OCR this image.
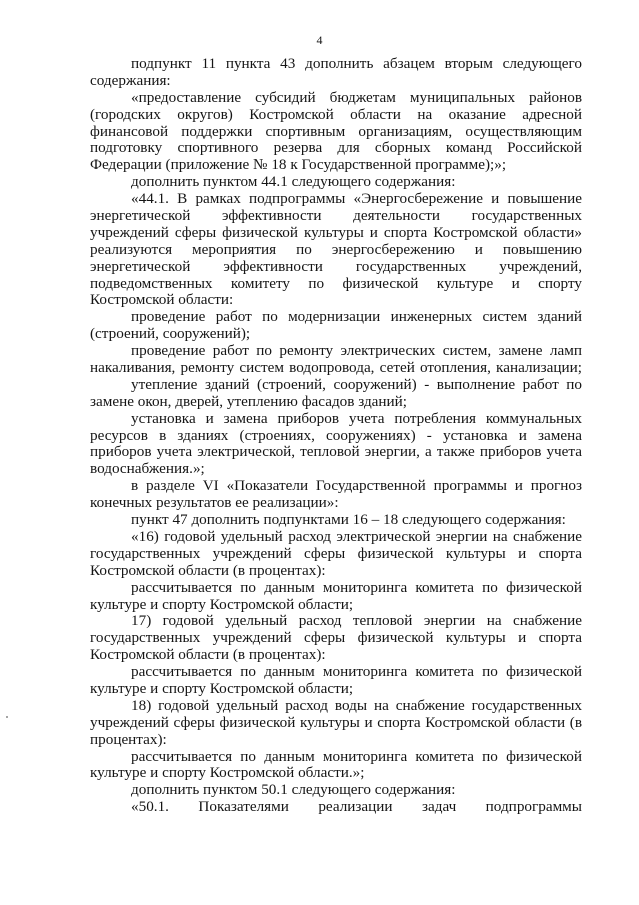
4
подпункт 11 пункта 43 дополнить абзацем вторым следующего
содержания:
«предоставление субсидий бюджетам муниципальных районов
(городских округов) Костромской области на оказание адресной
финансовой поддержки спортивным организациям, осуществляющим
подготовку спортивного резерва для сборных команд Российской
Федерации (приложение № 18 к Государственной программе);»;
дополнить пунктом 44.1 следующего содержания:
«44.1. В рамках подпрограммы «Энергосбережение и повышение
энергетической эффективности деятельности государственных
учреждений сферы физической культуры и спорта Костромской области»
реализуются мероприятия по энергосбережению и повышению
энергетической эффективности государственных учреждений,
подведомственных комитету по физической культуре и спорту
Костромской области:
проведение работ по модернизации инженерных систем зданий
(строений, сооружений);
проведение работ по ремонту электрических систем, замене ламп
накаливания, ремонту систем водопровода, сетей отопления, канализации;
утепление зданий (строений, сооружений) - выполнение работ по
замене окон, дверей, утеплению фасадов зданий;
установка и замена приборов учета потребления коммунальных
ресурсов в зданиях (строениях, сооружениях) - установка и замена
приборов учета электрической, тепловой энергии, а также приборов учета
водоснабжения.»;
в разделе VI «Показатели Государственной программы и прогноз
конечных результатов ее реализации»:
пункт 47 дополнить подпунктами 16 – 18 следующего содержания:
«16) годовой удельный расход электрической энергии на снабжение
государственных учреждений сферы физической культуры и спорта
Костромской области (в процентах):
рассчитывается по данным мониторинга комитета по физической
культуре и спорту Костромской области;
17) годовой удельный расход тепловой энергии на снабжение
государственных учреждений сферы физической культуры и спорта
Костромской области (в процентах):
рассчитывается по данным мониторинга комитета по физической
культуре и спорту Костромской области;
18) годовой удельный расход воды на снабжение государственных
учреждений сферы физической культуры и спорта Костромской области (в
процентах):
рассчитывается по данным мониторинга комитета по физической
культуре и спорту Костромской области.»;
дополнить пунктом 50.1 следующего содержания:
«50.1. Показателями реализации задач подпрограммы
